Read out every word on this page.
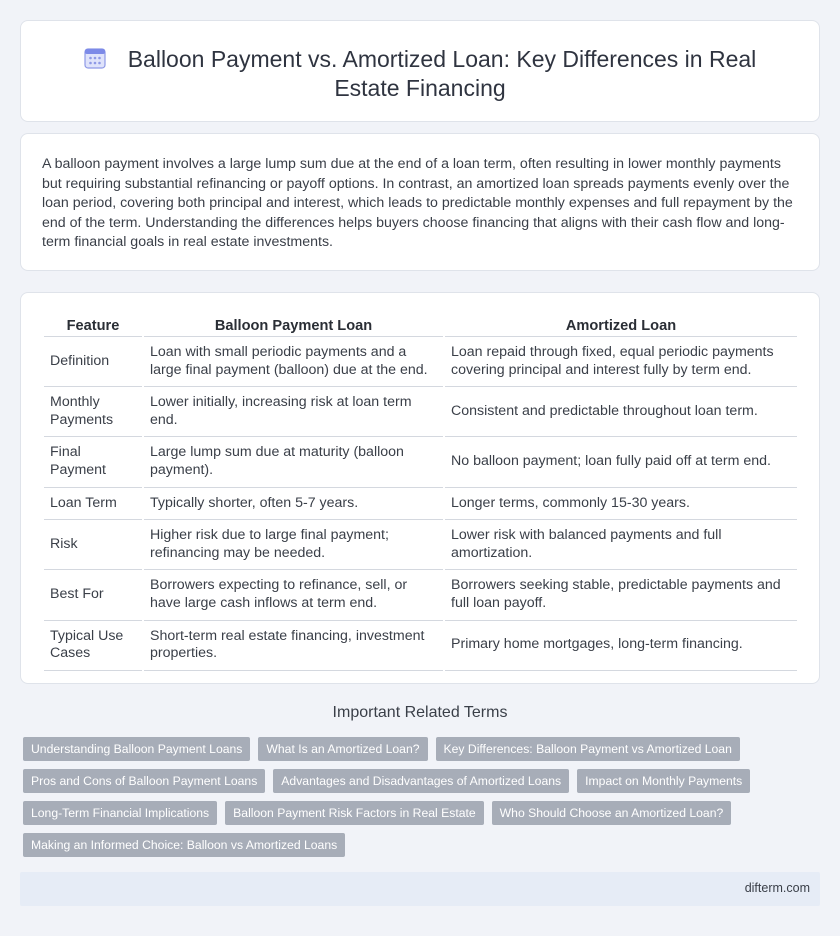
Balloon Payment vs. Amortized Loan: Key Differences in Real Estate Financing

A balloon payment involves a large lump sum due at the end of a loan term, often resulting in lower monthly payments but requiring substantial refinancing or payoff options. In contrast, an amortized loan spreads payments evenly over the loan period, covering both principal and interest, which leads to predictable monthly expenses and full repayment by the end of the term. Understanding the differences helps buyers choose financing that aligns with their cash flow and long-term financial goals in real estate investments.

Feature	Balloon Payment Loan	Amortized Loan
Definition	Loan with small periodic payments and a large final payment (balloon) due at the end.	Loan repaid through fixed, equal periodic payments covering principal and interest fully by term end.
Monthly Payments	Lower initially, increasing risk at loan term end.	Consistent and predictable throughout loan term.
Final Payment	Large lump sum due at maturity (balloon payment).	No balloon payment; loan fully paid off at term end.
Loan Term	Typically shorter, often 5-7 years.	Longer terms, commonly 15-30 years.
Risk	Higher risk due to large final payment; refinancing may be needed.	Lower risk with balanced payments and full amortization.
Best For	Borrowers expecting to refinance, sell, or have large cash inflows at term end.	Borrowers seeking stable, predictable payments and full loan payoff.
Typical Use Cases	Short-term real estate financing, investment properties.	Primary home mortgages, long-term financing.
Important Related Terms
Understanding Balloon Payment Loans	What Is an Amortized Loan?	Key Differences: Balloon Payment vs Amortized Loan
Pros and Cons of Balloon Payment Loans	Advantages and Disadvantages of Amortized Loans	Impact on Monthly Payments
Long-Term Financial Implications	Balloon Payment Risk Factors in Real Estate	Who Should Choose an Amortized Loan?
Making an Informed Choice: Balloon vs Amortized Loans
difterm.com
